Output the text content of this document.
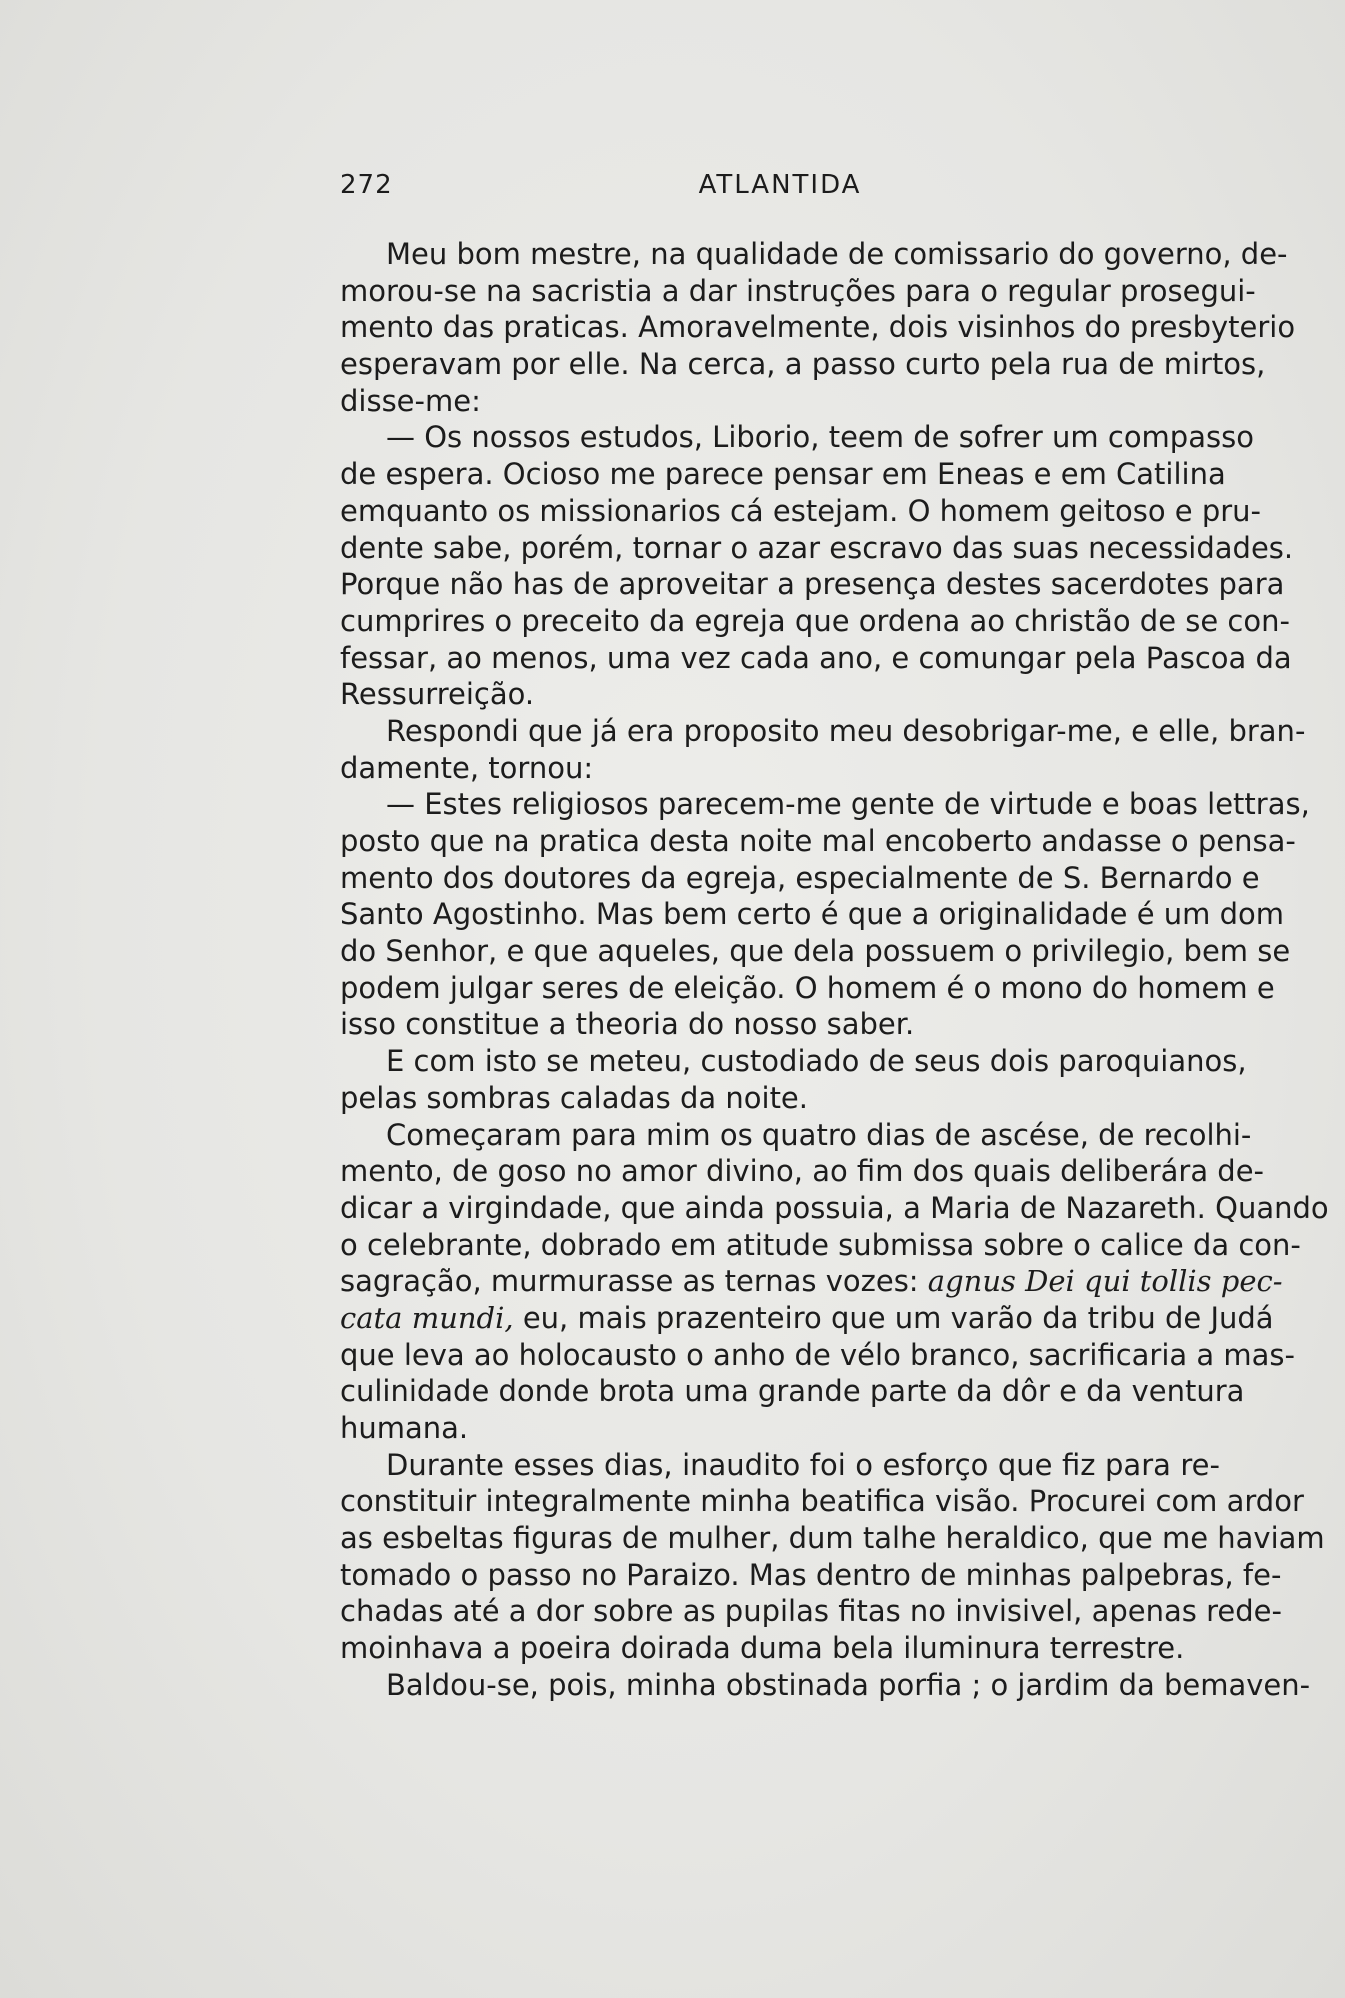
272	ATLANTIDA
Meu bom mestre, na qualidade de comissario do governo, de-
morou-se na sacristia a dar instruções para o regular prosegui-
mento das praticas. Amoravelmente, dois visinhos do presbyterio
esperavam por elle. Na cerca, a passo curto pela rua de mirtos,
disse-me:
— Os nossos estudos, Liborio, teem de sofrer um compasso
de espera. Ocioso me parece pensar em Eneas e em Catilina
emquanto os missionarios cá estejam. O homem geitoso e pru-
dente sabe, porém, tornar o azar escravo das suas necessidades.
Porque não has de aproveitar a presença destes sacerdotes para
cumprires o preceito da egreja que ordena ao christão de se con-
fessar, ao menos, uma vez cada ano, e comungar pela Pascoa da
Ressurreição.
Respondi que já era proposito meu desobrigar-me, e elle, bran-
damente, tornou:
— Estes religiosos parecem-me gente de virtude e boas lettras,
posto que na pratica desta noite mal encoberto andasse o pensa-
mento dos doutores da egreja, especialmente de S. Bernardo e
Santo Agostinho. Mas bem certo é que a originalidade é um dom
do Senhor, e que aqueles, que dela possuem o privilegio, bem se
podem julgar seres de eleição. O homem é o mono do homem e
isso constitue a theoria do nosso saber.
E com isto se meteu, custodiado de seus dois paroquianos,
pelas sombras caladas da noite.
Começaram para mim os quatro dias de ascése, de recolhi-
mento, de goso no amor divino, ao fim dos quais deliberára de-
dicar a virgindade, que ainda possuia, a Maria de Nazareth. Quando
o celebrante, dobrado em atitude submissa sobre o calice da con-
sagração, murmurasse as ternas vozes: agnus Dei qui tollis pec-
cata mundi, eu, mais prazenteiro que um varão da tribu de Judá
que leva ao holocausto o anho de vélo branco, sacrificaria a mas-
culinidade donde brota uma grande parte da dôr e da ventura
humana.
Durante esses dias, inaudito foi o esforço que fiz para re-
constituir integralmente minha beatifica visão. Procurei com ardor
as esbeltas figuras de mulher, dum talhe heraldico, que me haviam
tomado o passo no Paraizo. Mas dentro de minhas palpebras, fe-
chadas até a dor sobre as pupilas fitas no invisivel, apenas rede-
moinhava a poeira doirada duma bela iluminura terrestre.
Baldou-se, pois, minha obstinada porfia ; o jardim da bemaven-
